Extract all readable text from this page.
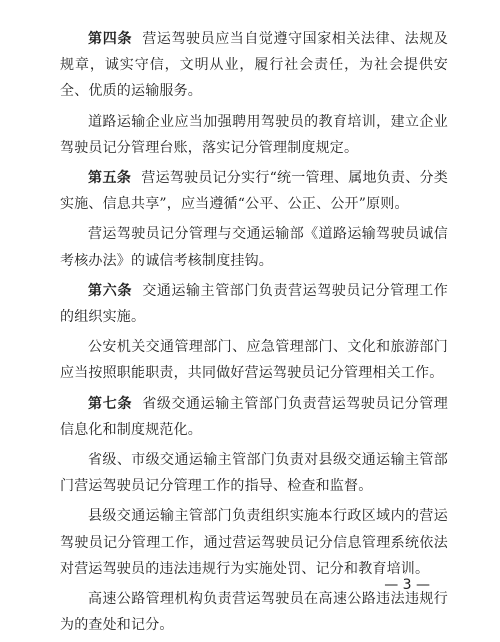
第四条 营运驾驶员应当自觉遵守国家相关法律、法规及规章，诚实守信，文明从业，履行社会责任，为社会提供安全、优质的运输服务。

道路运输企业应当加强聘用驾驶员的教育培训，建立企业驾驶员记分管理台账，落实记分管理制度规定。

第五条 营运驾驶员记分实行“统一管理、属地负责、分类实施、信息共享”，应当遵循“公平、公正、公开”原则。

营运驾驶员记分管理与交通运输部《道路运输驾驶员诚信考核办法》的诚信考核制度挂钩。

第六条 交通运输主管部门负责营运驾驶员记分管理工作的组织实施。

公安机关交通管理部门、应急管理部门、文化和旅游部门应当按照职能职责，共同做好营运驾驶员记分管理相关工作。

第七条 省级交通运输主管部门负责营运驾驶员记分管理信息化和制度规范化。

省级、市级交通运输主管部门负责对县级交通运输主管部门营运驾驶员记分管理工作的指导、检查和监督。

县级交通运输主管部门负责组织实施本行政区域内的营运驾驶员记分管理工作，通过营运驾驶员记分信息管理系统依法对营运驾驶员的违法违规行为实施处罚、记分和教育培训。

高速公路管理机构负责营运驾驶员在高速公路违法违规行为的查处和记分。

— 3 —
